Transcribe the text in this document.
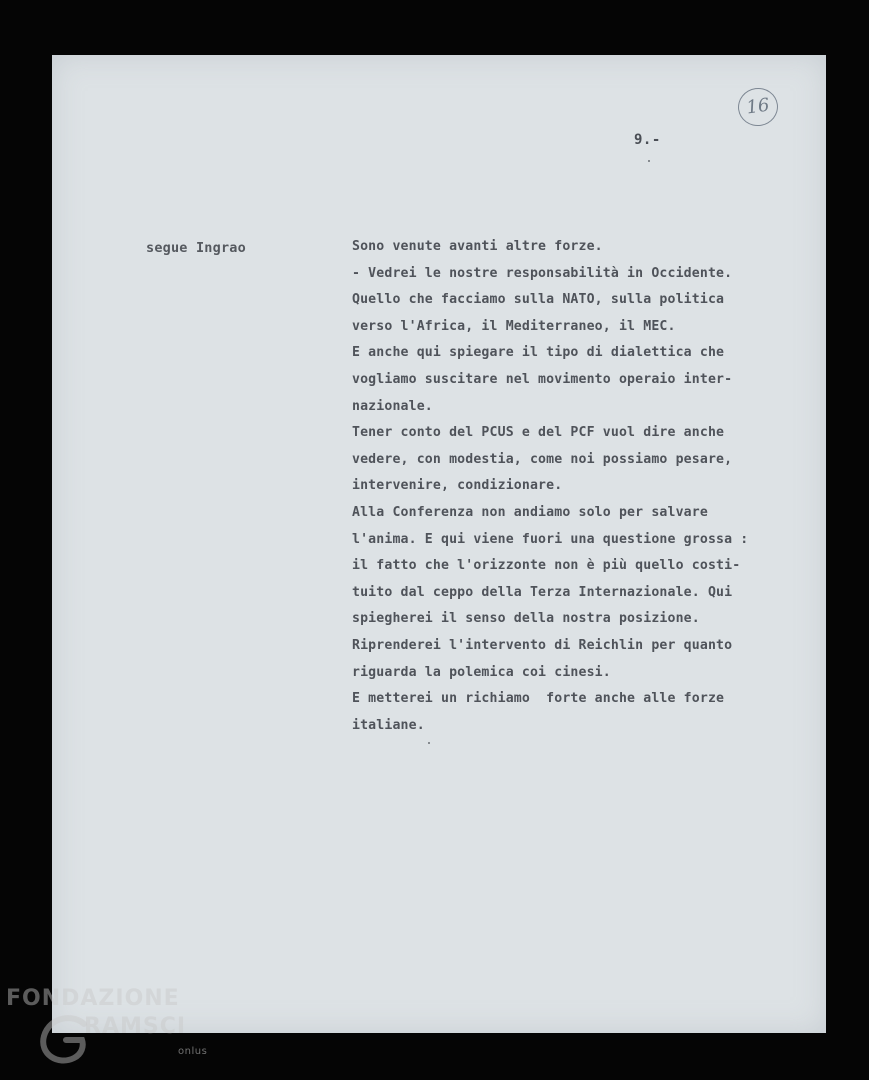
16
9.-
segue Ingrao	Sono venute avanti altre forze.
- Vedrei le nostre responsabilità in Occidente.
Quello che facciamo sulla NATO, sulla politica
verso l'Africa, il Mediterraneo, il MEC.
E anche qui spiegare il tipo di dialettica che
vogliamo suscitare nel movimento operaio inter-
nazionale.
Tener conto del PCUS e del PCF vuol dire anche
vedere, con modestia, come noi possiamo pesare,
intervenire, condizionare.
Alla Conferenza non andiamo solo per salvare
l'anima. E qui viene fuori una questione grossa :
il fatto che l'orizzonte non è più quello costi-
tuito dal ceppo della Terza Internazionale. Qui
spiegherei il senso della nostra posizione.
Riprenderei l'intervento di Reichlin per quanto
riguarda la polemica coi cinesi.
E metterei un richiamo  forte anche alle forze
italiane.
FONDAZIONE
RAMSCI
onlus
